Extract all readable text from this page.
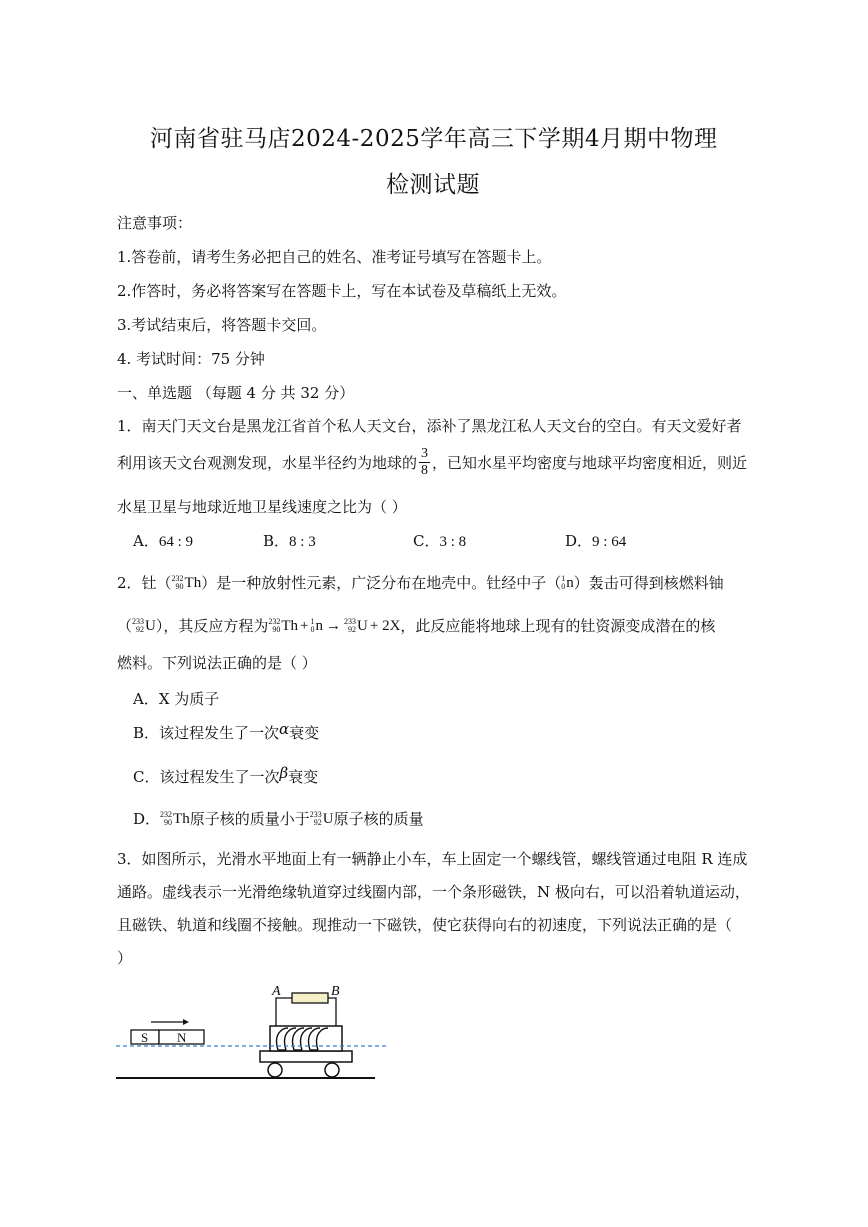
河南省驻马店2024-2025学年高三下学期4月期中物理
检测试题
注意事项：
1.答卷前，请考生务必把自己的姓名、准考证号填写在答题卡上。
2.作答时，务必将答案写在答题卡上，写在本试卷及草稿纸上无效。
3.考试结束后，将答题卡交回。
4. 考试时间：75 分钟
一、单选题 （每题 4 分 共 32 分）
1．南天门天文台是黑龙江省首个私人天文台，添补了黑龙江私人天文台的空白。有天文爱好者
利用该天文台观测发现，水星半径约为地球的 $\frac{3}{8}$ ，已知水星平均密度与地球平均密度相近，则近
水星卫星与地球近地卫星线速度之比为（ ）
A．64 : 9	B．8 : 3	C．3 : 8	D．9 : 64
2．钍（232
90Th）是一种放射性元素，广泛分布在地壳中。钍经中子（1
0n）轰击可得到核燃料铀
（233
92U），其反应方程为232
90Th + 1
0n → 233
92U + 2X，此反应能将地球上现有的钍资源变成潜在的核
燃料。下列说法正确的是（ ）
A．X 为质子
B．该过程发生了一次α衰变
C．该过程发生了一次β衰变
D．232
90Th原子核的质量小于233
92U原子核的质量
3．如图所示，光滑水平地面上有一辆静止小车，车上固定一个螺线管，螺线管通过电阻 R 连成
通路。虚线表示一光滑绝缘轨道穿过线圈内部，一个条形磁铁，N 极向右，可以沿着轨道运动，
且磁铁、轨道和线圈不接触。现推动一下磁铁，使它获得向右的初速度，下列说法正确的是（
）
A	B
S N
